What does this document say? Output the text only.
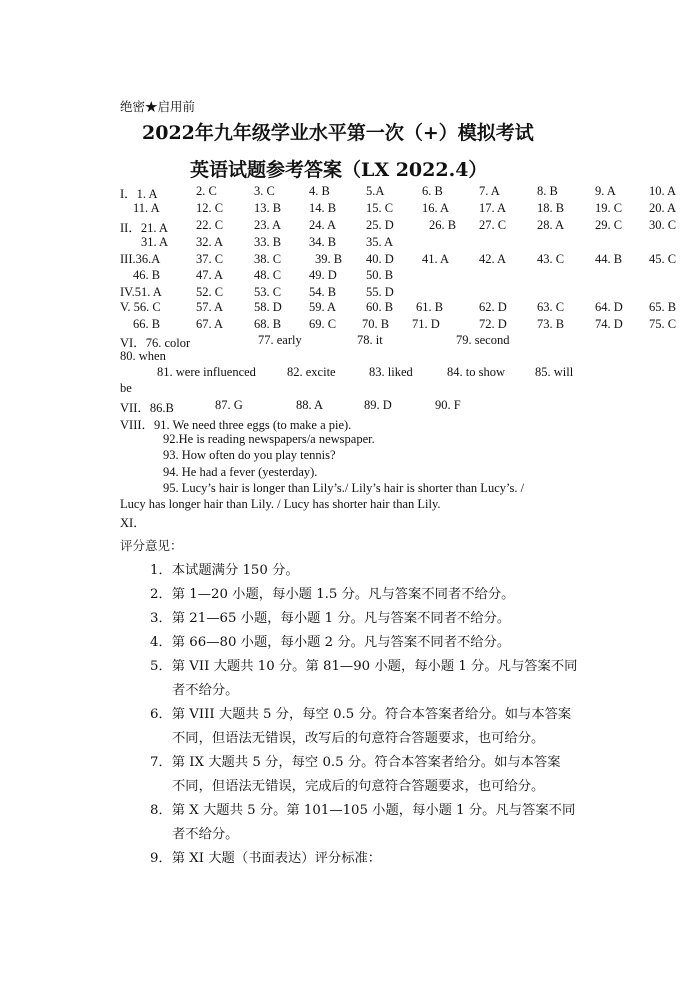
绝密★启用前
2022年九年级学业水平第一次（+）模拟考试
英语试题参考答案（LX 2022.4）
I．1. A	2. C	3. C	4. B	5.A	6. B	7. A	8. B	9. A	10. A
11. A	12. C 13. B 14. B 15. C 16. A 17. A 18. B 19. C 20. A
II．21. A 22. C 23. A 24. A 25. D	26. B 27. C 28. A 29. C 30. C
31. A 32. A 33. B 34. B 35. A
III.36.A	37. C 38. C	39. B 40. D 41. A 42. A 43. C 44. B 45. C
46. B	47. A 48. C 49. D 50. B
IV.51. A	52. C 53. C 54. B 55. D
V. 56. C	57. A 58. D 59. A 60. B 61. B	62. D 63. C 64. D 65. B
66. B	67. A 68. B 69. C 70. B 71. D	72. D 73. B 74. D 75. C
VI．76. color	77. early	78. it	79. second
80. when
81. were influenced 82. excite	83. liked	84. to show 85. will
be
VII．86.B	87. G	88. A	89. D	90. F
VIII．91. We need three eggs (to make a pie).
92.He is reading newspapers/a newspaper.
93. How often do you play tennis?
94. He had a fever (yesterday).
95. Lucy’s hair is longer than Lily’s./ Lily’s hair is shorter than Lucy’s. /
Lucy has longer hair than Lily. / Lucy has shorter hair than Lily.
XI．
评分意见：
1．本试题满分 150 分。
2．第 1—20 小题，每小题 1.5 分。凡与答案不同者不给分。
3．第 21—65 小题，每小题 1 分。凡与答案不同者不给分。
4．第 66—80 小题，每小题 2 分。凡与答案不同者不给分。
5．第 VII 大题共 10 分。第 81—90 小题，每小题 1 分。凡与答案不同
者不给分。
6．第 VIII 大题共 5 分，每空 0.5 分。符合本答案者给分。如与本答案
不同，但语法无错误，改写后的句意符合答题要求，也可给分。
7．第 IX 大题共 5 分，每空 0.5 分。符合本答案者给分。如与本答案
不同，但语法无错误，完成后的句意符合答题要求，也可给分。
8．第 X 大题共 5 分。第 101—105 小题，每小题 1 分。凡与答案不同
者不给分。
9．第 XI 大题（书面表达）评分标准：
